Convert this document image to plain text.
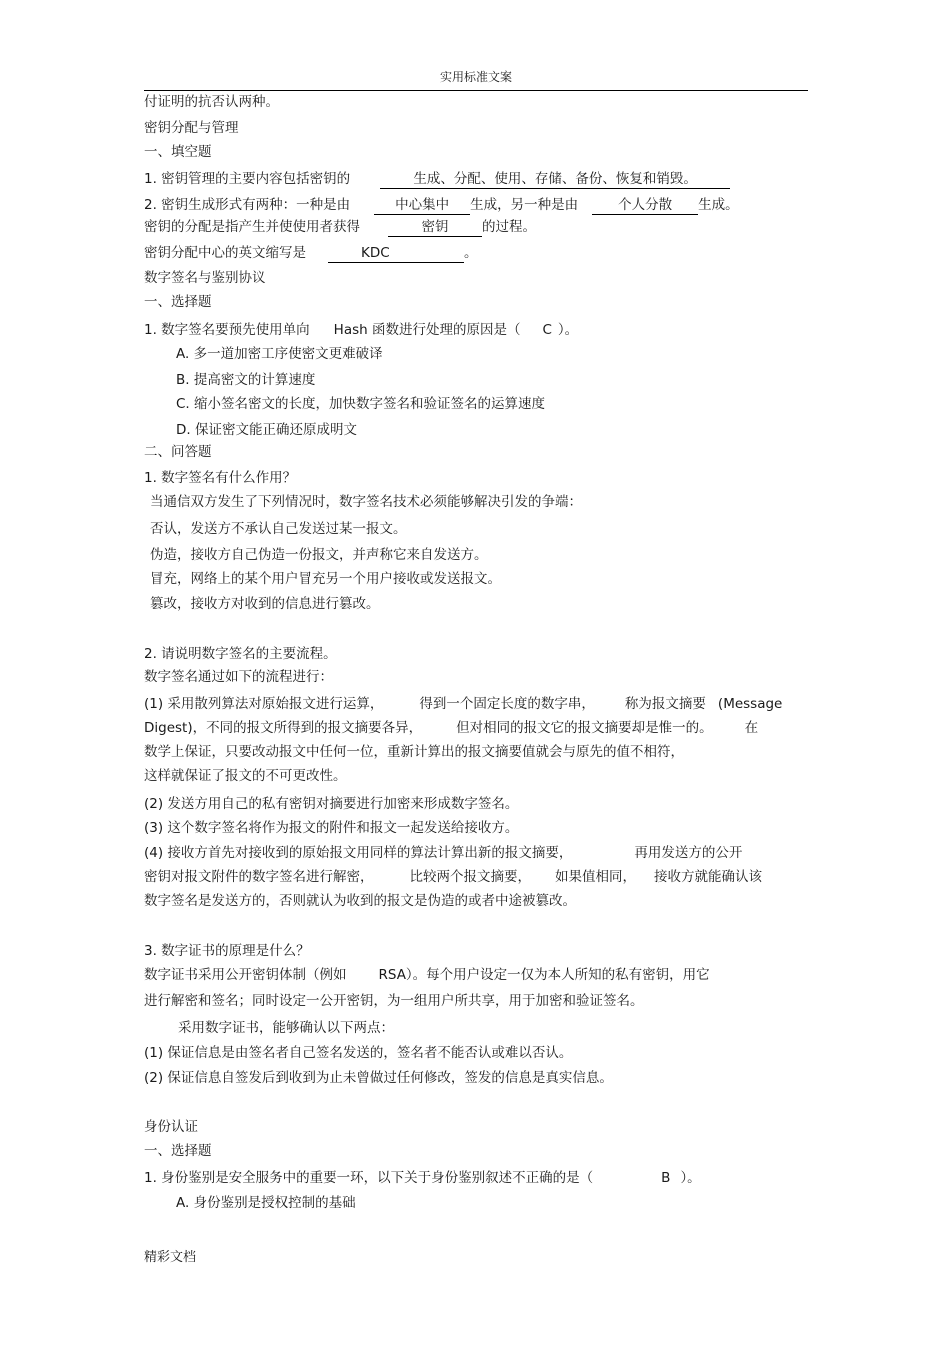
实用标准文案
付证明的抗否认两种。
密钥分配与管理
一、填空题
1. 密钥管理的主要内容包括密钥的	生成、分配、使用、存储、备份、恢复和销毁。
2. 密钥生成形式有两种：一种是由	中心集中 生成，另一种是由	个人分散 生成。
密钥的分配是指产生并使使用者获得	密钥 的过程。
密钥分配中心的英文缩写是	KDC	。
数字签名与鉴别协议
一、选择题
1. 数字签名要预先使用单向 Hash 函数进行处理的原因是（ C ）。
A. 多一道加密工序使密文更难破译
B. 提高密文的计算速度
C. 缩小签名密文的长度，加快数字签名和验证签名的运算速度
D. 保证密文能正确还原成明文
二、问答题
1. 数字签名有什么作用？
当通信双方发生了下列情况时，数字签名技术必须能够解决引发的争端：
否认，发送方不承认自己发送过某一报文。
伪造，接收方自己伪造一份报文，并声称它来自发送方。
冒充，网络上的某个用户冒充另一个用户接收或发送报文。
篡改，接收方对收到的信息进行篡改。
2. 请说明数字签名的主要流程。
数字签名通过如下的流程进行：
(1) 采用散列算法对原始报文进行运算，	得到一个固定长度的数字串， 称为报文摘要 (Message
Digest)，不同的报文所得到的报文摘要各异，	但对相同的报文它的报文摘要却是惟一的。 在
数学上保证，只要改动报文中任何一位，重新计算出的报文摘要值就会与原先的值不相符，
这样就保证了报文的不可更改性。
(2) 发送方用自己的私有密钥对摘要进行加密来形成数字签名。
(3) 这个数字签名将作为报文的附件和报文一起发送给接收方。
(4) 接收方首先对接收到的原始报文用同样的算法计算出新的报文摘要，	再用发送方的公开
密钥对报文附件的数字签名进行解密，	比较两个报文摘要， 如果值相同， 接收方就能确认该
数字签名是发送方的，否则就认为收到的报文是伪造的或者中途被篡改。
3. 数字证书的原理是什么？
数字证书采用公开密钥体制（例如 RSA）。每个用户设定一仅为本人所知的私有密钥，用它
进行解密和签名；同时设定一公开密钥，为一组用户所共享，用于加密和验证签名。
采用数字证书，能够确认以下两点：
(1) 保证信息是由签名者自己签名发送的，签名者不能否认或难以否认。
(2) 保证信息自签发后到收到为止未曾做过任何修改，签发的信息是真实信息。
身份认证
一、选择题
1. 身份鉴别是安全服务中的重要一环，以下关于身份鉴别叙述不正确的是（	B ）。
A. 身份鉴别是授权控制的基础
精彩文档
